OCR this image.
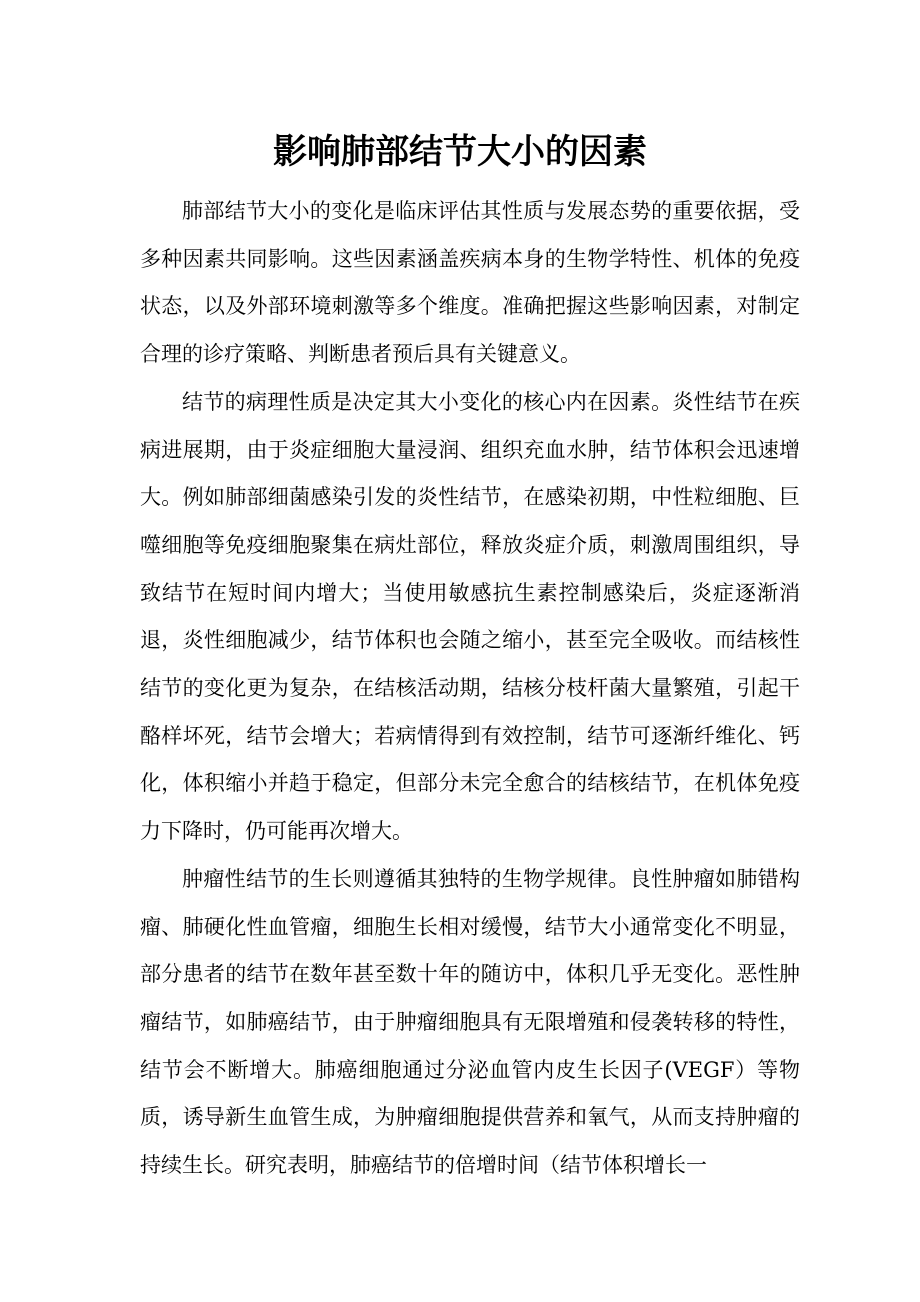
影响肺部结节大小的因素

肺部结节大小的变化是临床评估其性质与发展态势的重要依据，受多种因素共同影响。这些因素涵盖疾病本身的生物学特性、机体的免疫状态，以及外部环境刺激等多个维度。准确把握这些影响因素，对制定合理的诊疗策略、判断患者预后具有关键意义。

结节的病理性质是决定其大小变化的核心内在因素。炎性结节在疾病进展期，由于炎症细胞大量浸润、组织充血水肿，结节体积会迅速增大。例如肺部细菌感染引发的炎性结节，在感染初期，中性粒细胞、巨噬细胞等免疫细胞聚集在病灶部位，释放炎症介质，刺激周围组织，导致结节在短时间内增大；当使用敏感抗生素控制感染后，炎症逐渐消退，炎性细胞减少，结节体积也会随之缩小，甚至完全吸收。而结核性结节的变化更为复杂，在结核活动期，结核分枝杆菌大量繁殖，引起干酪样坏死，结节会增大；若病情得到有效控制，结节可逐渐纤维化、钙化，体积缩小并趋于稳定，但部分未完全愈合的结核结节，在机体免疫力下降时，仍可能再次增大。

肿瘤性结节的生长则遵循其独特的生物学规律。良性肿瘤如肺错构瘤、肺硬化性血管瘤，细胞生长相对缓慢，结节大小通常变化不明显，部分患者的结节在数年甚至数十年的随访中，体积几乎无变化。恶性肿瘤结节，如肺癌结节，由于肿瘤细胞具有无限增殖和侵袭转移的特性，结节会不断增大。肺癌细胞通过分泌血管内皮生长因子(VEGF）等物质，诱导新生血管生成，为肿瘤细胞提供营养和氧气，从而支持肿瘤的持续生长。研究表明，肺癌结节的倍增时间（结节体积增长一
